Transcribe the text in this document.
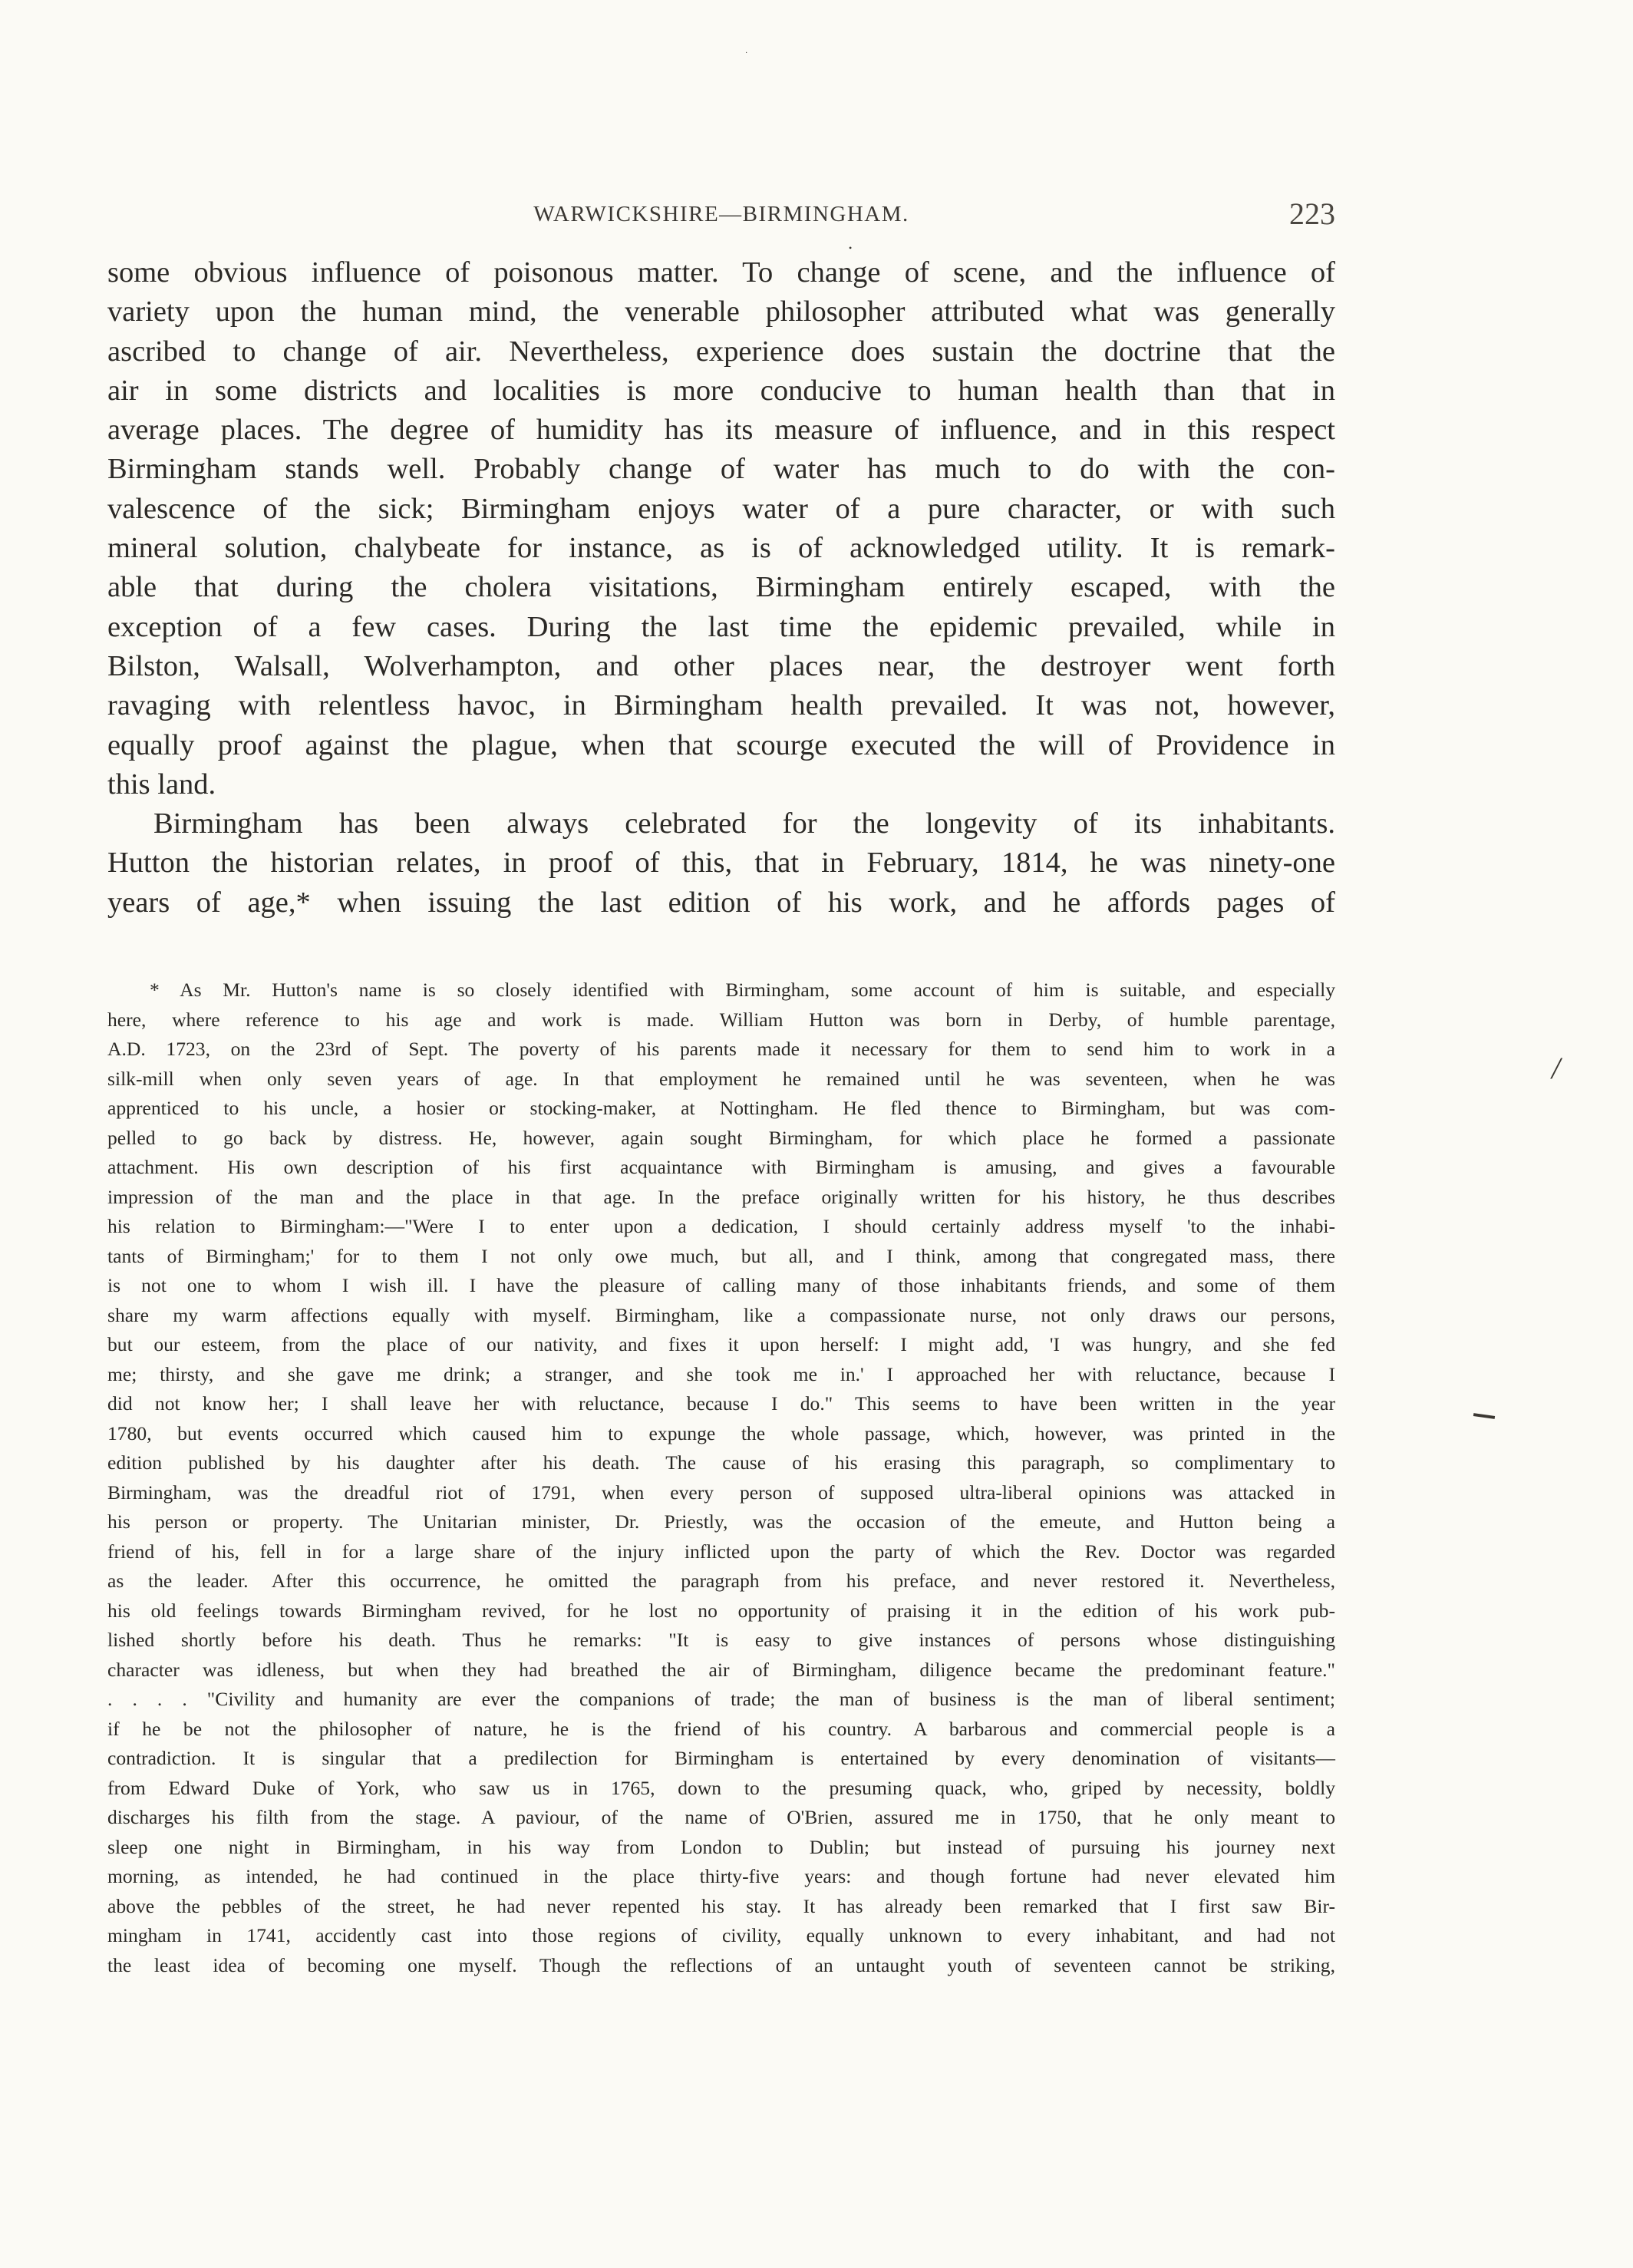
·
•
WARWICKSHIRE—BIRMINGHAM.	223
some obvious influence of poisonous matter. To change of scene, and the influence of
variety upon the human mind, the venerable philosopher attributed what was generally
ascribed to change of air. Nevertheless, experience does sustain the doctrine that the
air in some districts and localities is more conducive to human health than that in
average places. The degree of humidity has its measure of influence, and in this respect
Birmingham stands well. Probably change of water has much to do with the con-
valescence of the sick; Birmingham enjoys water of a pure character, or with such
mineral solution, chalybeate for instance, as is of acknowledged utility. It is remark-
able that during the cholera visitations, Birmingham entirely escaped, with the
exception of a few cases. During the last time the epidemic prevailed, while in
Bilston, Walsall, Wolverhampton, and other places near, the destroyer went forth
ravaging with relentless havoc, in Birmingham health prevailed. It was not, however,
equally proof against the plague, when that scourge executed the will of Providence in
this land.
Birmingham has been always celebrated for the longevity of its inhabitants.
Hutton the historian relates, in proof of this, that in February, 1814, he was ninety-one
years of age,* when issuing the last edition of his work, and he affords pages of
* As Mr. Hutton's name is so closely identified with Birmingham, some account of him is suitable, and especially
here, where reference to his age and work is made. William Hutton was born in Derby, of humble parentage,
A.D. 1723, on the 23rd of Sept. The poverty of his parents made it necessary for them to send him to work in a
silk-mill when only seven years of age. In that employment he remained until he was seventeen, when he was
apprenticed to his uncle, a hosier or stocking-maker, at Nottingham. He fled thence to Birmingham, but was com-
pelled to go back by distress. He, however, again sought Birmingham, for which place he formed a passionate
attachment. His own description of his first acquaintance with Birmingham is amusing, and gives a favourable
impression of the man and the place in that age. In the preface originally written for his history, he thus describes
his relation to Birmingham:—"Were I to enter upon a dedication, I should certainly address myself 'to the inhabi-
tants of Birmingham;' for to them I not only owe much, but all, and I think, among that congregated mass, there
is not one to whom I wish ill. I have the pleasure of calling many of those inhabitants friends, and some of them
share my warm affections equally with myself. Birmingham, like a compassionate nurse, not only draws our persons,
but our esteem, from the place of our nativity, and fixes it upon herself: I might add, 'I was hungry, and she fed
me; thirsty, and she gave me drink; a stranger, and she took me in.' I approached her with reluctance, because I
did not know her; I shall leave her with reluctance, because I do." This seems to have been written in the year
1780, but events occurred which caused him to expunge the whole passage, which, however, was printed in the
edition published by his daughter after his death. The cause of his erasing this paragraph, so complimentary to
Birmingham, was the dreadful riot of 1791, when every person of supposed ultra-liberal opinions was attacked in
his person or property. The Unitarian minister, Dr. Priestly, was the occasion of the emeute, and Hutton being a
friend of his, fell in for a large share of the injury inflicted upon the party of which the Rev. Doctor was regarded
as the leader. After this occurrence, he omitted the paragraph from his preface, and never restored it. Nevertheless,
his old feelings towards Birmingham revived, for he lost no opportunity of praising it in the edition of his work pub-
lished shortly before his death. Thus he remarks: "It is easy to give instances of persons whose distinguishing
character was idleness, but when they had breathed the air of Birmingham, diligence became the predominant feature."
. . . . "Civility and humanity are ever the companions of trade; the man of business is the man of liberal sentiment;
if he be not the philosopher of nature, he is the friend of his country. A barbarous and commercial people is a
contradiction. It is singular that a predilection for Birmingham is entertained by every denomination of visitants—
from Edward Duke of York, who saw us in 1765, down to the presuming quack, who, griped by necessity, boldly
discharges his filth from the stage. A paviour, of the name of O'Brien, assured me in 1750, that he only meant to
sleep one night in Birmingham, in his way from London to Dublin; but instead of pursuing his journey next
morning, as intended, he had continued in the place thirty-five years: and though fortune had never elevated him
above the pebbles of the street, he had never repented his stay. It has already been remarked that I first saw Bir-
mingham in 1741, accidently cast into those regions of civility, equally unknown to every inhabitant, and had not
the least idea of becoming one myself. Though the reflections of an untaught youth of seventeen cannot be striking,
/
